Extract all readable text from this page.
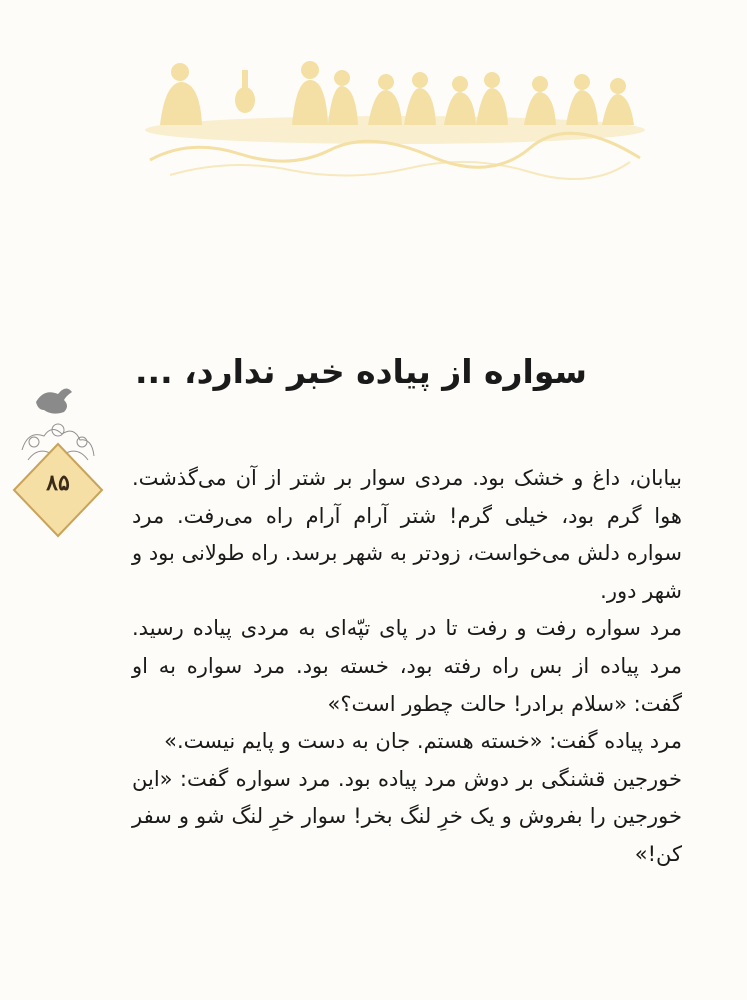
سواره از پیاده خبر ندارد، ...
۸۵	بیابان، داغ و خشک بود. مردی سوار بر شتر از آن می‌گذشت. هوا گرم بود، خیلی گرم! شتر آرام آرام راه می‌رفت. مرد سواره دلش می‌خواست، زودتر به شهر برسد. راه طولانی بود و شهر دور.

مرد سواره رفت و رفت تا در پای تپّه‌ای به مردی پیاده رسید. مرد پیاده از بس راه رفته بود، خسته بود. مرد سواره به او گفت: «سلام برادر! حالت چطور است؟»

مرد پیاده گفت: «خسته هستم. جان به دست و پایم نیست.»

خورجین قشنگی بر دوش مرد پیاده بود. مرد سواره گفت: «این خورجین را بفروش و یک خرِ لنگ بخر! سوار خرِ لنگ شو و سفر کن!»
